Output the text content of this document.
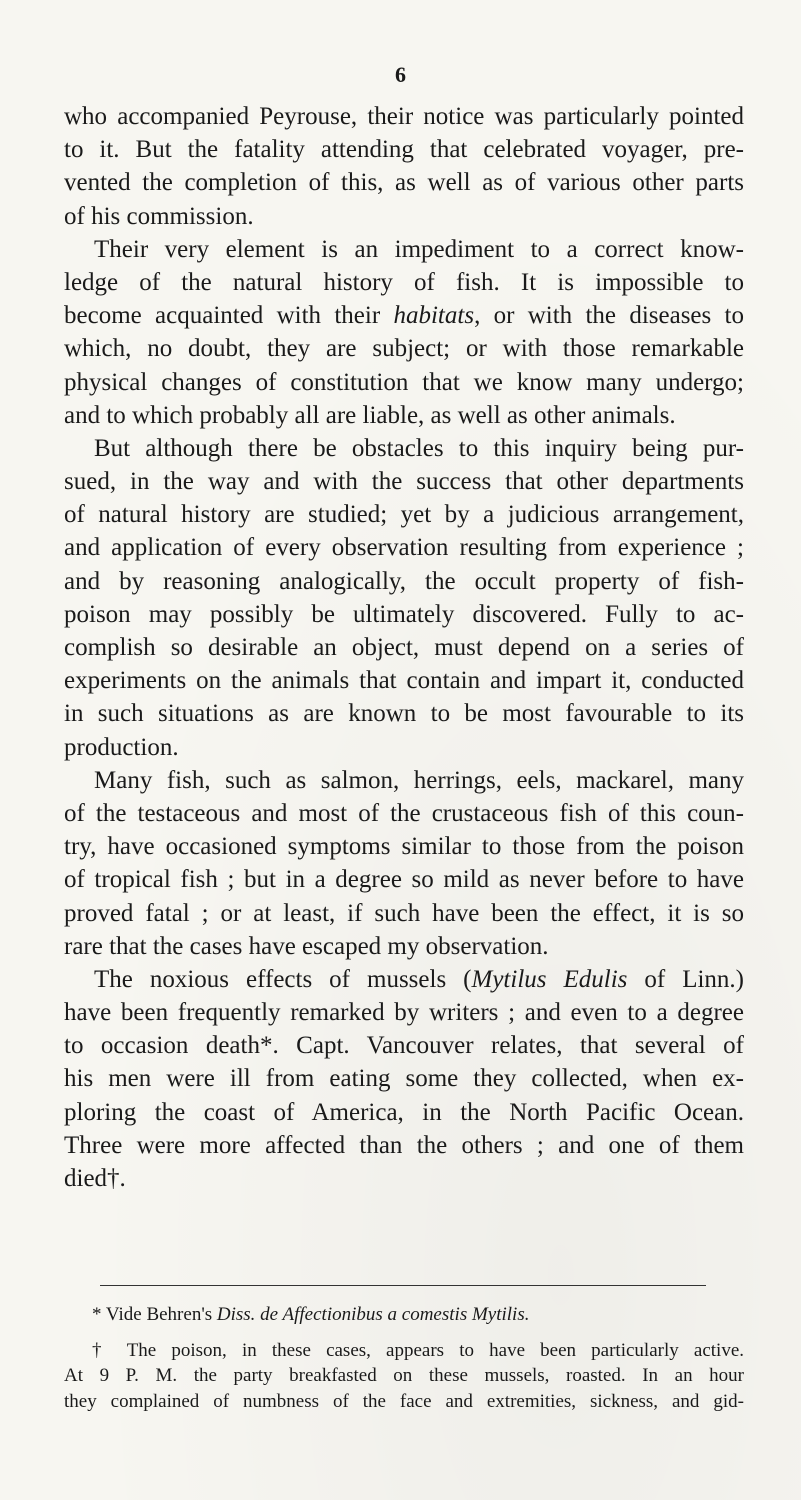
6
who accompanied Peyrouse, their notice was particularly pointed
to it. But the fatality attending that celebrated voyager, pre-
vented the completion of this, as well as of various other parts
of his commission.
Their very element is an impediment to a correct know-
ledge of the natural history of fish. It is impossible to
become acquainted with their habitats, or with the diseases to
which, no doubt, they are subject; or with those remarkable
physical changes of constitution that we know many undergo;
and to which probably all are liable, as well as other animals.
But although there be obstacles to this inquiry being pur-
sued, in the way and with the success that other departments
of natural history are studied; yet by a judicious arrangement,
and application of every observation resulting from experience ;
and by reasoning analogically, the occult property of fish-
poison may possibly be ultimately discovered. Fully to ac-
complish so desirable an object, must depend on a series of
experiments on the animals that contain and impart it, conducted
in such situations as are known to be most favourable to its
production.
Many fish, such as salmon, herrings, eels, mackarel, many
of the testaceous and most of the crustaceous fish of this coun-
try, have occasioned symptoms similar to those from the poison
of tropical fish ; but in a degree so mild as never before to have
proved fatal ; or at least, if such have been the effect, it is so
rare that the cases have escaped my observation.
The noxious effects of mussels (Mytilus Edulis of Linn.)
have been frequently remarked by writers ; and even to a degree
to occasion death*. Capt. Vancouver relates, that several of
his men were ill from eating some they collected, when ex-
ploring the coast of America, in the North Pacific Ocean.
Three were more affected than the others ; and one of them
died†.
* Vide Behren's Diss. de Affectionibus a comestis Mytilis.
† The poison, in these cases, appears to have been particularly active.
At 9 P. M. the party breakfasted on these mussels, roasted. In an hour
they complained of numbness of the face and extremities, sickness, and gid-
